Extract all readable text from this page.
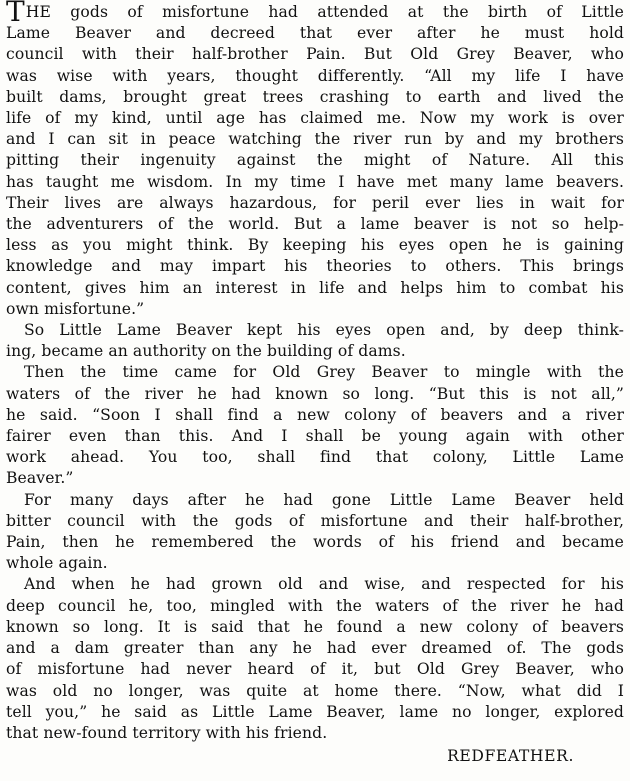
THE gods of misfortune had attended at the birth of Little
Lame Beaver and decreed that ever after he must hold
council with their half-brother Pain. But Old Grey Beaver, who
was wise with years, thought differently. “All my life I have
built dams, brought great trees crashing to earth and lived the
life of my kind, until age has claimed me. Now my work is over
and I can sit in peace watching the river run by and my brothers
pitting their ingenuity against the might of Nature. All this
has taught me wisdom. In my time I have met many lame beavers.
Their lives are always hazardous, for peril ever lies in wait for
the adventurers of the world. But a lame beaver is not so help-
less as you might think. By keeping his eyes open he is gaining
knowledge and may impart his theories to others. This brings
content, gives him an interest in life and helps him to combat his
own misfortune.”
So Little Lame Beaver kept his eyes open and, by deep think-
ing, became an authority on the building of dams.
Then the time came for Old Grey Beaver to mingle with the
waters of the river he had known so long. “But this is not all,”
he said. “Soon I shall find a new colony of beavers and a river
fairer even than this. And I shall be young again with other
work ahead. You too, shall find that colony, Little Lame
Beaver.”
For many days after he had gone Little Lame Beaver held
bitter council with the gods of misfortune and their half-brother,
Pain, then he remembered the words of his friend and became
whole again.
And when he had grown old and wise, and respected for his
deep council he, too, mingled with the waters of the river he had
known so long. It is said that he found a new colony of beavers
and a dam greater than any he had ever dreamed of. The gods
of misfortune had never heard of it, but Old Grey Beaver, who
was old no longer, was quite at home there. “Now, what did I
tell you,” he said as Little Lame Beaver, lame no longer, explored
that new-found territory with his friend.
REDFEATHER.
